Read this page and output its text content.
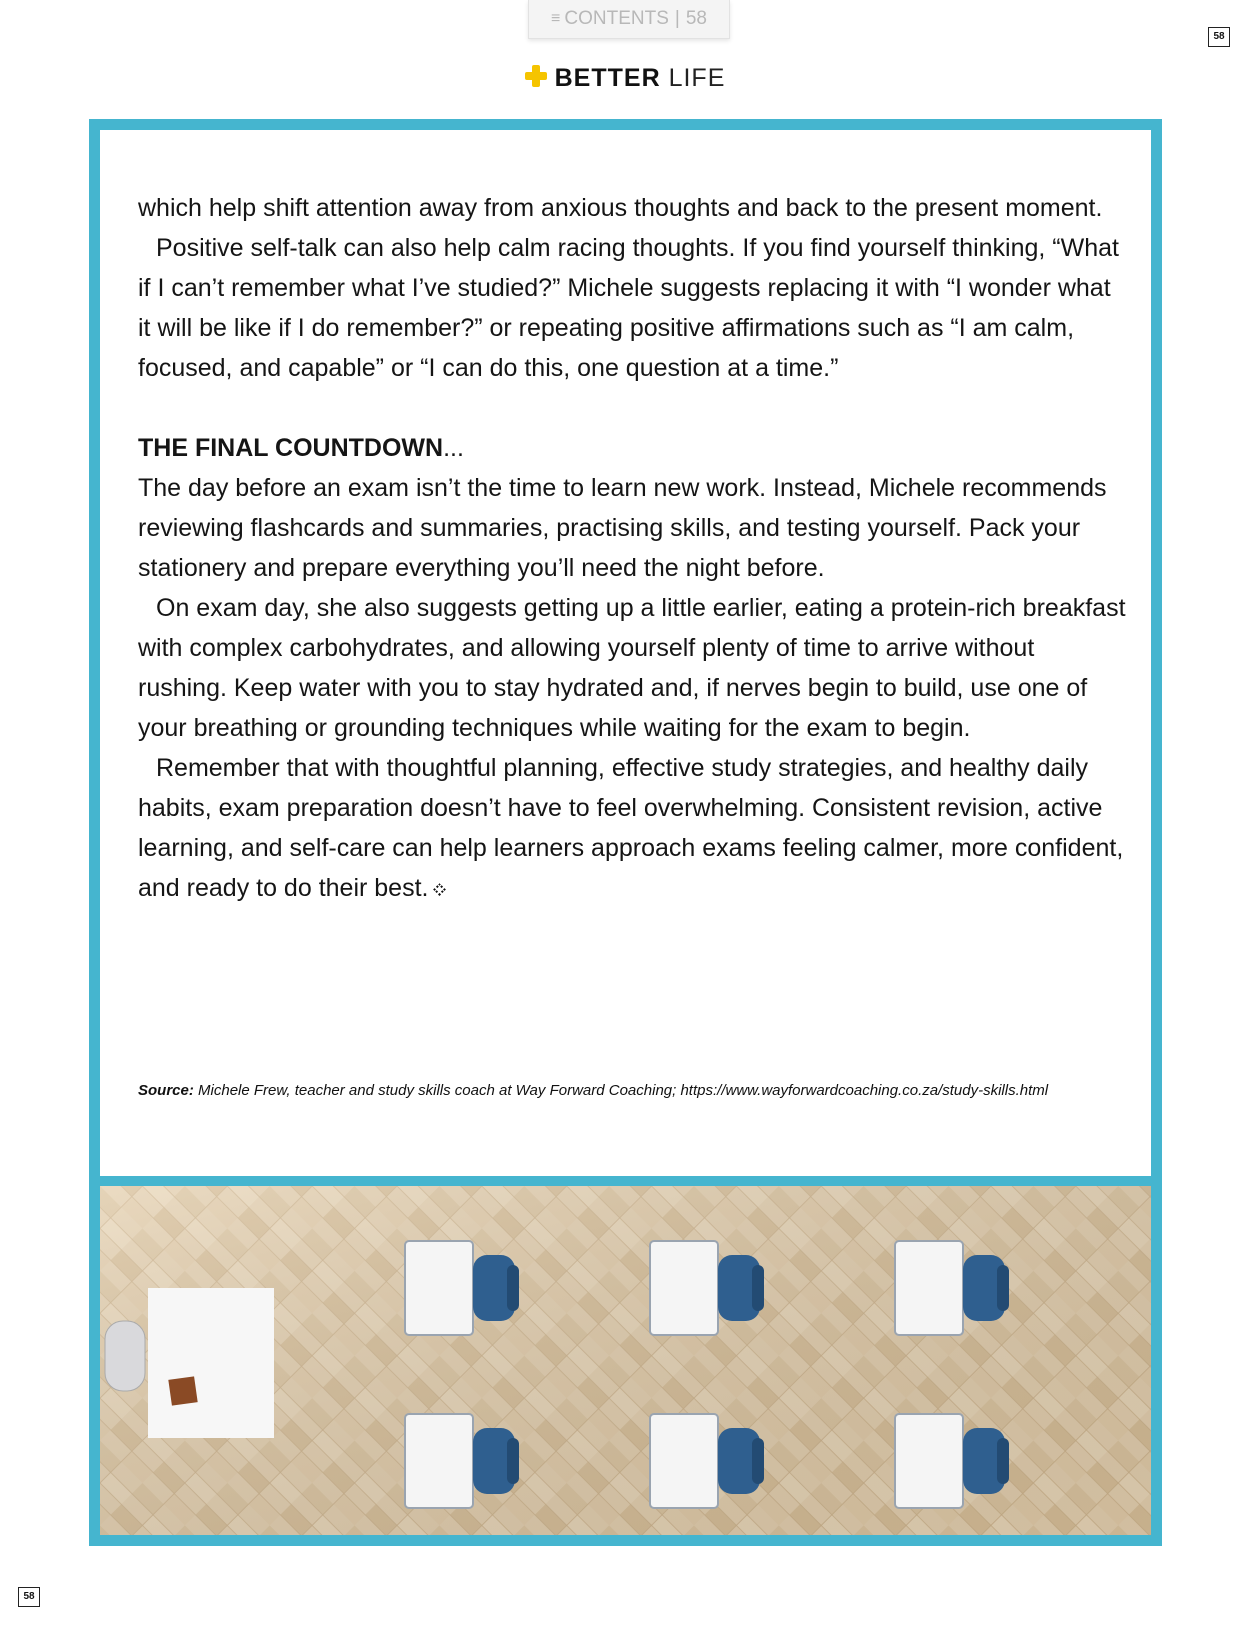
≡ CONTENTS | 58
58
58
BETTER LIFE

which help shift attention away from anxious thoughts and back to the present moment.

Positive self-talk can also help calm racing thoughts. If you find yourself thinking, “What if I can’t remember what I’ve studied?” Michele suggests replacing it with “I wonder what it will be like if I do remember?” or repeating positive affirmations such as “I am calm, focused, and capable” or “I can do this, one question at a time.”

THE FINAL COUNTDOWN...

The day before an exam isn’t the time to learn new work. Instead, Michele recommends reviewing flashcards and summaries, practising skills, and testing yourself. Pack your stationery and prepare everything you’ll need the night before.

On exam day, she also suggests getting up a little earlier, eating a protein-rich breakfast with complex carbohydrates, and allowing yourself plenty of time to arrive without rushing. Keep water with you to stay hydrated and, if nerves begin to build, use one of your breathing or grounding techniques while waiting for the exam to begin.

Remember that with thoughtful planning, effective study strategies, and healthy daily habits, exam preparation doesn’t have to feel overwhelming. Consistent revision, active learning, and self-care can help learners approach exams feeling calmer, more confident, and ready to do their best.

Source: Michele Frew, teacher and study skills coach at Way Forward Coaching; https://www.wayforwardcoaching.co.za/study-skills.html
